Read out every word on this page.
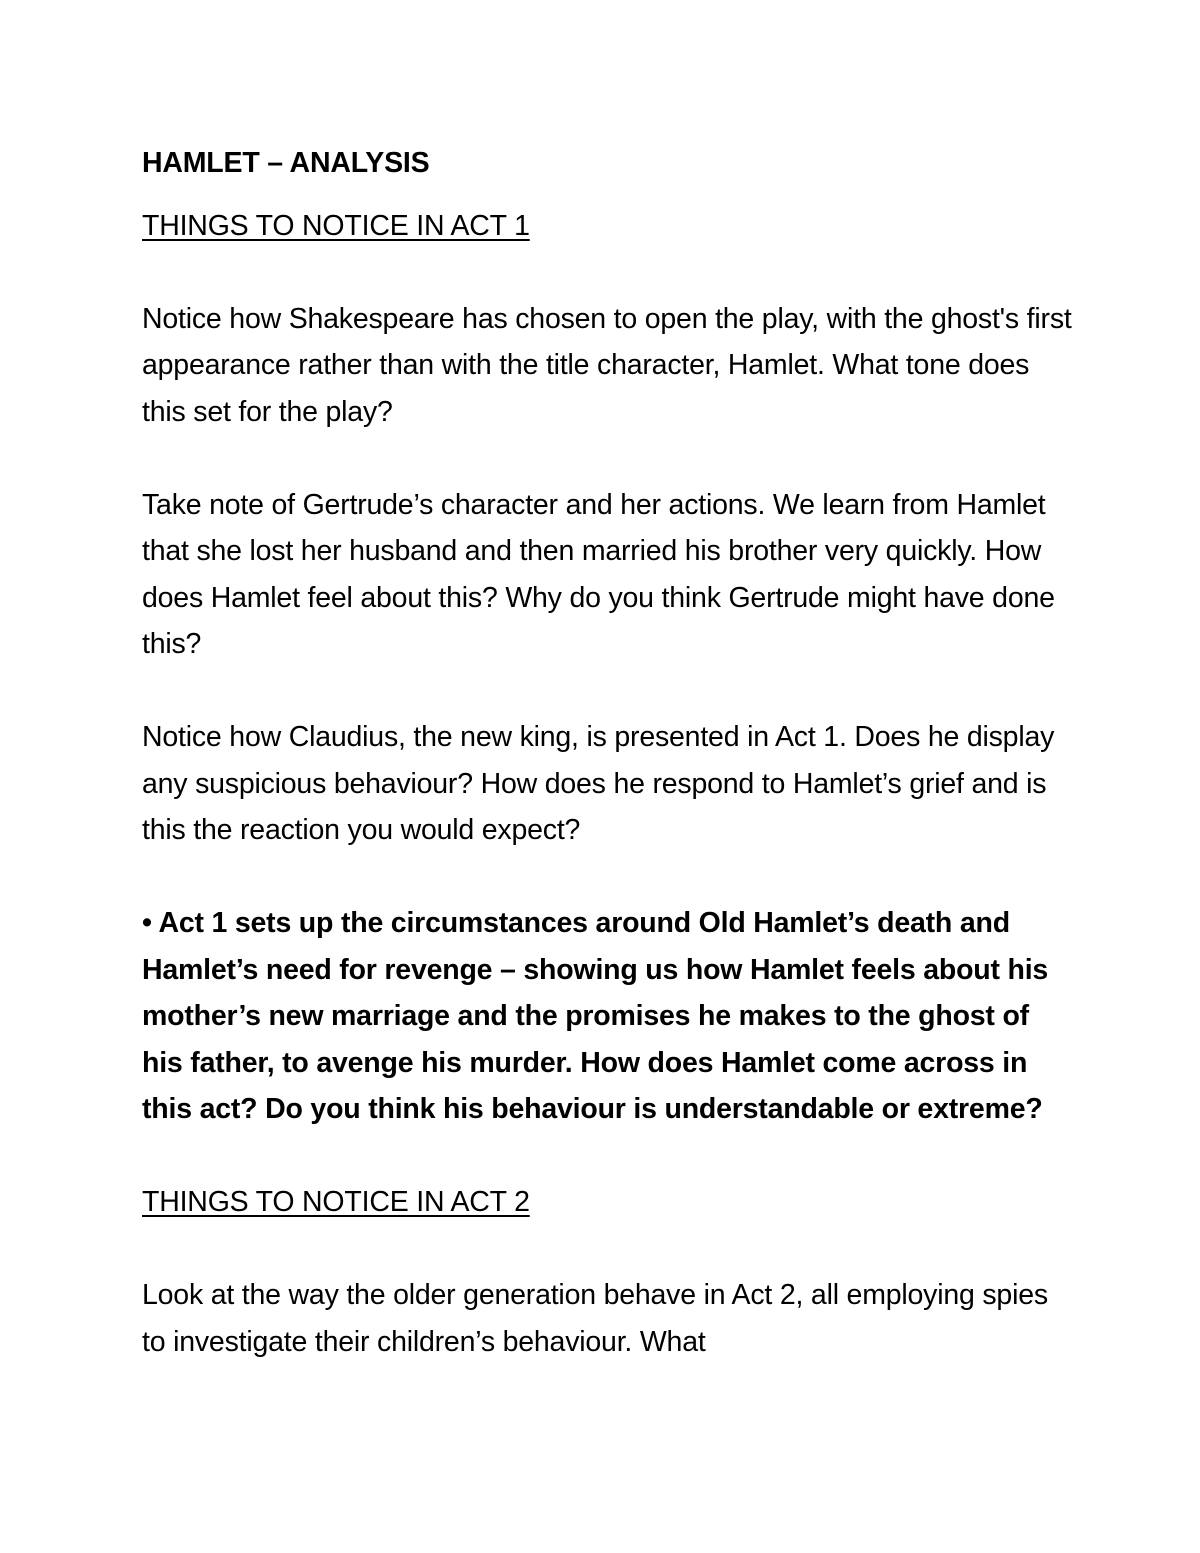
HAMLET – ANALYSIS

THINGS TO NOTICE IN ACT 1

Notice how Shakespeare has chosen to open the play, with the ghost's first appearance rather than with the title character, Hamlet. What tone does this set for the play?

Take note of Gertrude’s character and her actions. We learn from Hamlet that she lost her husband and then married his brother very quickly. How does Hamlet feel about this? Why do you think Gertrude might have done this?

Notice how Claudius, the new king, is presented in Act 1. Does he display any suspicious behaviour? How does he respond to Hamlet’s grief and is this the reaction you would expect?

• Act 1 sets up the circumstances around Old Hamlet’s death and Hamlet’s need for revenge – showing us how Hamlet feels about his mother’s new marriage and the promises he makes to the ghost of his father, to avenge his murder. How does Hamlet come across in this act? Do you think his behaviour is understandable or extreme?

THINGS TO NOTICE IN ACT 2

Look at the way the older generation behave in Act 2, all employing spies to investigate their children’s behaviour. What
